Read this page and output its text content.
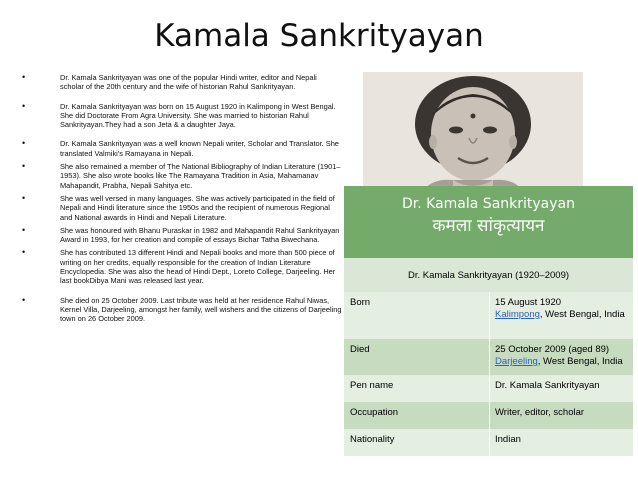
Kamala Sankrityayan
•	Dr. Kamala Sankrityayan was one of the popular Hindi writer, editor and Nepali scholar of the 20th century and the wife of historian Rahul Sankrityayan.
•	Dr. Kamala Sankrityayan was born on 15 August 1920 in Kalimpong in West Bengal. She did Doctorate From Agra University. She was married to historian Rahul Sankrityayan.They had a son Jeta & a daughter Jaya.
•	Dr. Kamala Sankrityayan was a well known Nepali writer, Scholar and Translator. She translated Valmiki's Ramayana in Nepali.
•	She also remained a member of The National Bibliography of Indian Literature (1901–1953). She also wrote books like The Ramayana Tradition in Asia, Mahamanav Mahapandit, Prabha, Nepali Sahitya etc.
•	She was well versed in many languages. She was actively participated in the field of Nepali and Hindi literature since the 1950s and the recipient of numerous Regional and National awards in Hindi and Nepali Literature.
•	She was honoured with Bhanu Puraskar in 1982 and Mahapandit Rahul Sankrityayan Award in 1993, for her creation and compile of essays Bichar Tatha Biwechana.
•	She has contributed 13 different Hindi and Nepali books and more than 500 piece of writing on her credits, equally responsible for the creation of Indian Literature Encyclopedia. She was also the head of Hindi Dept., Loreto College, Darjeeling. Her last bookDibya Mani was released last year.
•	She died on 25 October 2009. Last tribute was held at her residence Rahul Niwas, Kernel Villa, Darjeeling, amongst her family, well wishers and the citizens of Darjeeling town on 26 October 2009.
Dr. Kamala Sankrityayan
कमला सांकृत्यायन
Dr. Kamala Sankrityayan (1920–2009)
Born	15 August 1920
Kalimpong, West Bengal, India
Died	25 October 2009 (aged 89)
Darjeeling, West Bengal, India
Pen name	Dr. Kamala Sankrityayan
Occupation	Writer, editor, scholar
Nationality	Indian
